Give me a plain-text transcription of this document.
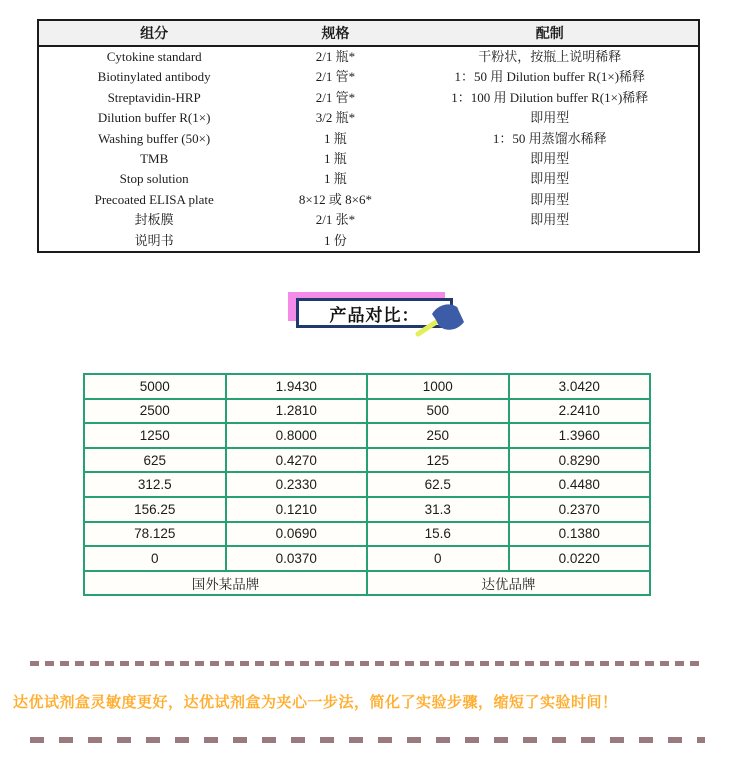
组分	规格	配制
Cytokine standard	2/1 瓶*	干粉状，按瓶上说明稀释
Biotinylated antibody	2/1 管*	1：50 用 Dilution buffer R(1×)稀释
Streptavidin-HRP	2/1 管*	1：100 用 Dilution buffer R(1×)稀释
Dilution buffer R(1×)	3/2 瓶*	即用型
Washing buffer (50×)	1 瓶	1：50 用蒸馏水稀释
TMB	1 瓶	即用型
Stop solution	1 瓶	即用型
Precoated ELISA plate	8×12 或 8×6*	即用型
封板膜	2/1 张*	即用型
说明书	1 份	
产品对比：
5000	1.9430	1000	3.0420
2500	1.2810	500	2.2410
1250	0.8000	250	1.3960
625	0.4270	125	0.8290
312.5	0.2330	62.5	0.4480
156.25	0.1210	31.3	0.2370
78.125	0.0690	15.6	0.1380
0	0.0370	0	0.0220
国外某品牌		达优品牌	
达优试剂盒灵敏度更好，达优试剂盒为夹心一步法，简化了实验步骤，缩短了实验时间！
